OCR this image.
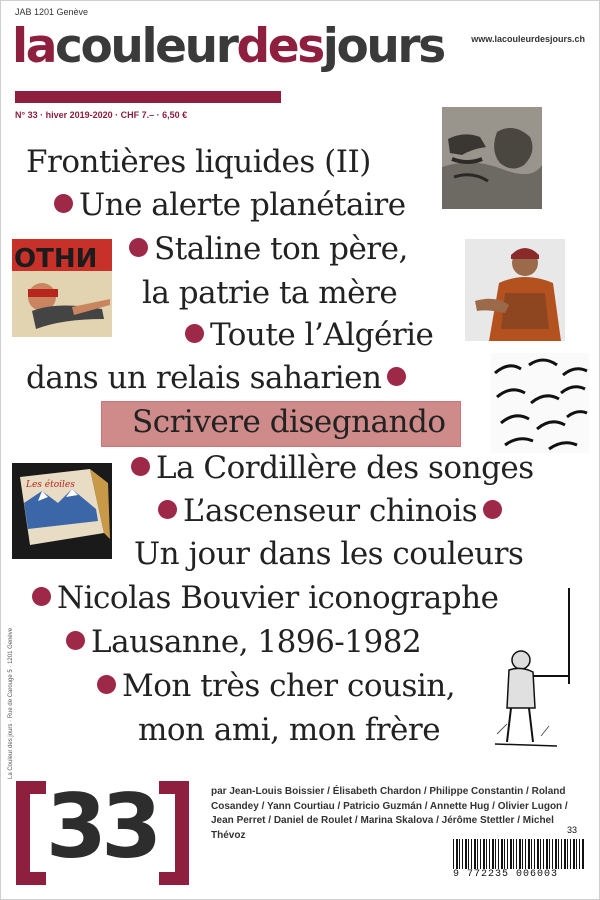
JAB 1201 Genève
www.lacouleurdesjours.ch
lacouleurdesjours
N° 33 · hiver 2019-2020 · CHF 7.– · 6,50 €
ОТНИ
Les étoiles
Frontières liquides (II)
Une alerte planétaire
Staline ton père,
la patrie ta mère
Toute l’Algérie
dans un relais saharien
Scrivere disegnando
La Cordillère des songes
L’ascenseur chinois
Un jour dans les couleurs
Nicolas Bouvier iconographe
Lausanne, 1896-1982
Mon très cher cousin,
mon ami, mon frère
La Couleur des jours · Rue de Carouge 5 · 1201 Genève
33	par Jean-Louis Boissier / Élisabeth Chardon / Philippe Constantin / Roland Cosandey / Yann Courtiau / Patricio Guzmán / Annette Hug / Olivier Lugon / Jean Perret / Daniel de Roulet / Marina Skalova / Jérôme Stettler / Michel Thévoz	33
9 772235 006003
